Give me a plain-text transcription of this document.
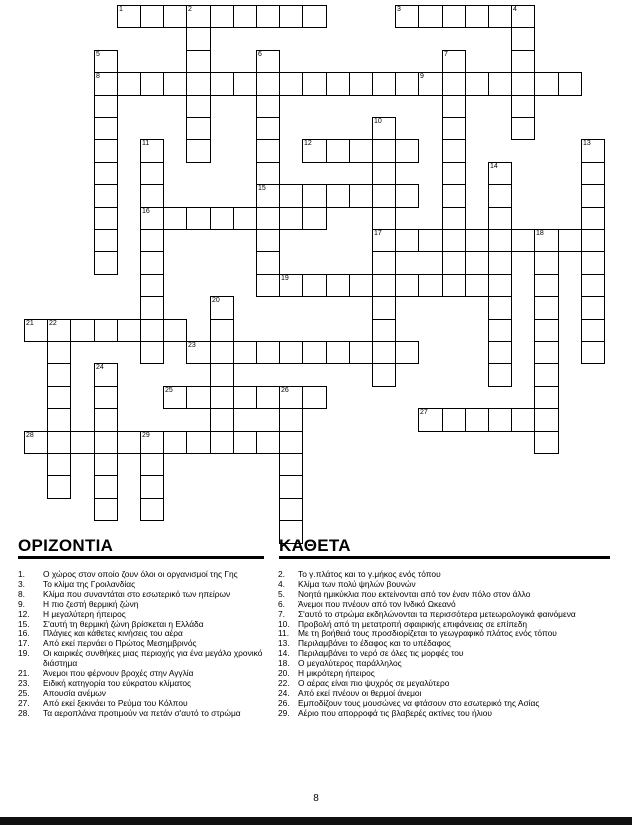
1	2	3	4
8	9
12
15
16
17	18
19
21 22
23
25	26
27
28	29
5	6	7
10
11	13
14
20
24
ΟΡΙΖΟΝΤΙΑ	ΚΑΘΕΤΑ
1.	Ο χώρος στον οποίο ζουν όλοι οι οργανισμοί της Γης
3.	Το κλίμα της Γροιλανδίας
8.	Κλίμα που συναντάται στο εσωτερικό των ηπείρων
9.	Η πιο ζεστή θερμική ζώνη
12.	Η μεγαλύτερη ήπειρος
15.	Σ'αυτή τη θερμική ζώνη βρίσκεται η Ελλάδα
16.	Πλάγιες και κάθετες κινήσεις του αέρα
17.	Από εκεί περνάει ο Πρώτος Μεσημβρινός
19.	Οι καιρικές συνθήκες μιας περιοχής για ένα μεγάλο χρονικό διάστημα
21.	Άνεμοι που φέρνουν βροχές στην Αγγλία
23.	Ειδική κατηγορία του εύκρατου κλίματος
25.	Απουσία ανέμων
27.	Από εκεί ξεκινάει το Ρεύμα του Κόλπου
28.	Τα αεροπλάνα προτιμούν να πετάν σ'αυτό το στρώμα
2.	Το γ.πλάτος και το γ.μήκος ενός τόπου
4.	Κλίμα των πολύ ψηλών βουνών
5.	Νοητά ημικύκλια που εκτείνονται από τον έναν πόλο στον άλλο
6.	Άνεμοι που πνέουν από τον Ινδικό Ωκεανό
7.	Σ'αυτό το στρώμα εκδηλώνονται τα περισσότερα μετεωρολογικά φαινόμενα
10. Προβολή από τη μετατροπή σφαιρικής επιφάνειας σε επίπεδη
11.	Με τη βοήθειά τους προσδιορίζεται το γεωγραφικό πλάτος ενός τόπου
13. Περιλαμβάνει το έδαφος και το υπέδαφος
14. Περιλαμβάνει το νερό σε όλες τις μορφές του
18. Ο μεγαλύτερος παράλληλος
20. Η μικρότερη ήπειρος
22. Ο αέρας είναι πιο ψυχρός σε μεγαλύτερο
24. Από εκεί πνέουν οι θερμοί άνεμοι
26. Εμποδίζουν τους μουσώνες να φτάσουν στο εσωτερικό της Ασίας
29. Αέριο που απορροφά τις βλαβερές ακτίνες του ήλιου
8
